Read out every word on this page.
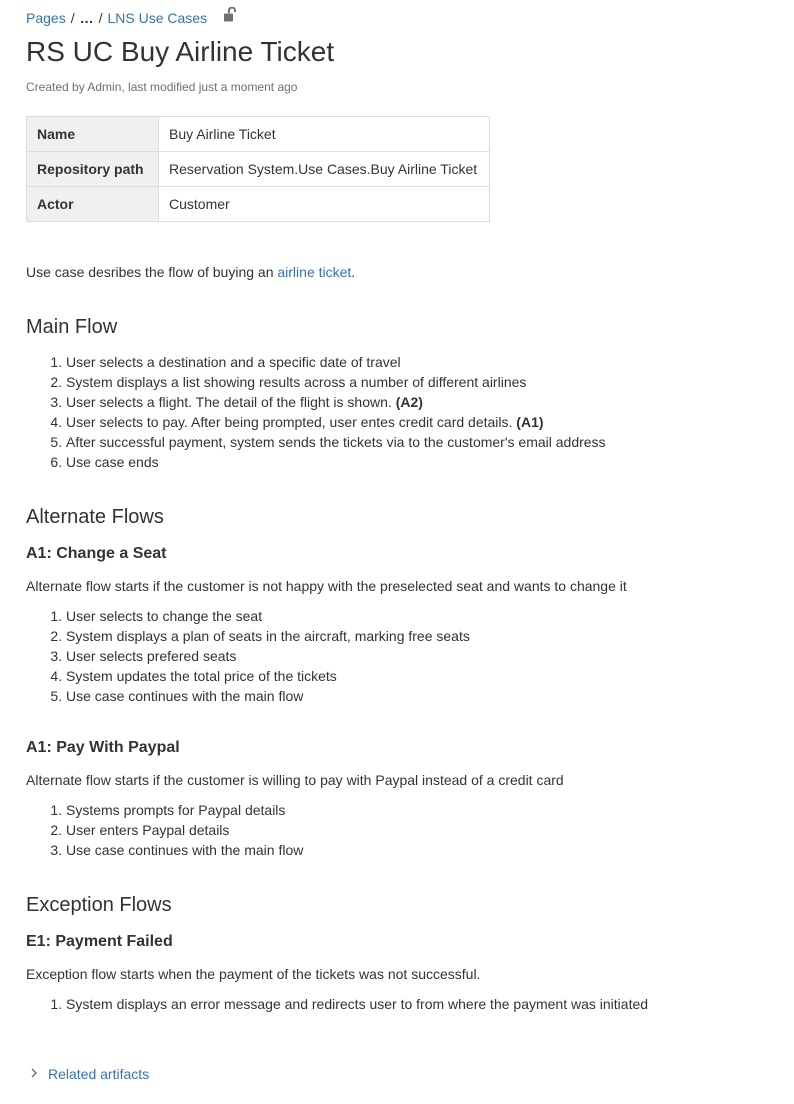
Pages / … / LNS Use Cases
RS UC Buy Airline Ticket
Created by Admin, last modified just a moment ago
Name	Buy Airline Ticket
Repository path	Reservation System.Use Cases.Buy Airline Ticket
Actor	Customer
Use case desribes the flow of buying an airline ticket.
Main Flow
1. User selects a destination and a specific date of travel
2. System displays a list showing results across a number of different airlines
3. User selects a flight. The detail of the flight is shown. (A2)
4. User selects to pay. After being prompted, user entes credit card details. (A1)
5. After successful payment, system sends the tickets via to the customer's email address
6. Use case ends
Alternate Flows
A1: Change a Seat

Alternate flow starts if the customer is not happy with the preselected seat and wants to change it

1. User selects to change the seat
2. System displays a plan of seats in the aircraft, marking free seats
3. User selects prefered seats
4. System updates the total price of the tickets
5. Use case continues with the main flow
A1: Pay With Paypal

Alternate flow starts if the customer is willing to pay with Paypal instead of a credit card

1. Systems prompts for Paypal details
2. User enters Paypal details
3. Use case continues with the main flow
Exception Flows
E1: Payment Failed

Exception flow starts when the payment of the tickets was not successful.

1. System displays an error message and redirects user to from where the payment was initiated
Related artifacts
